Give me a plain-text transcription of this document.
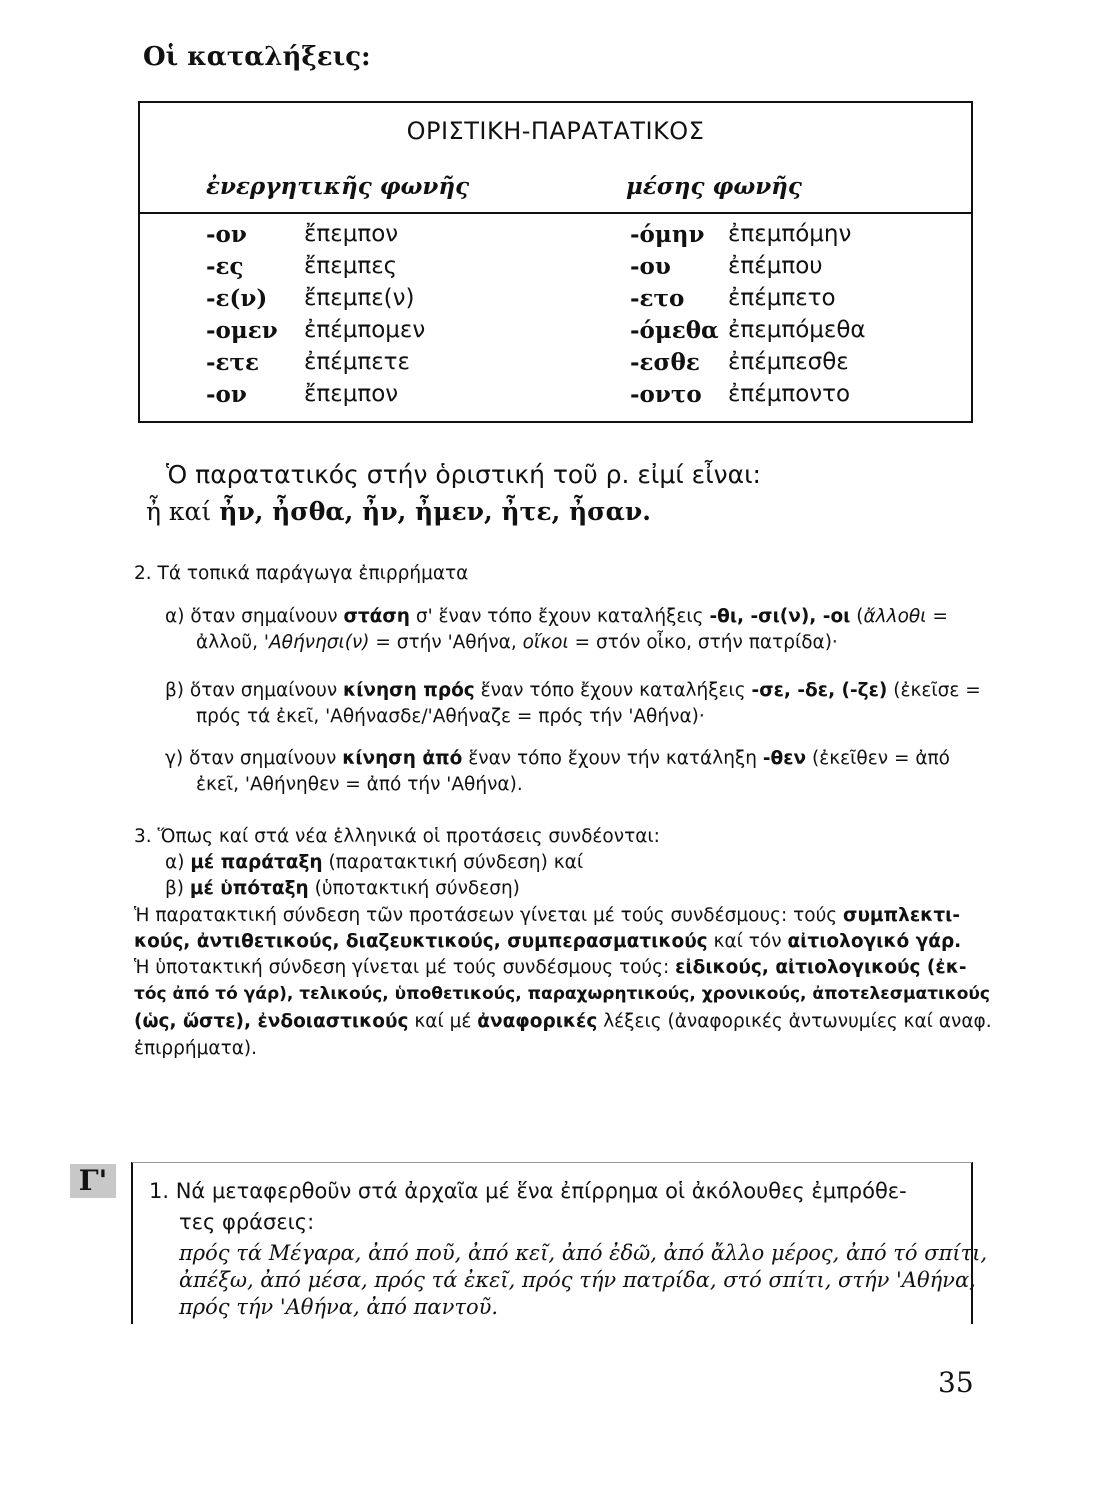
Οἱ καταλήξεις:
ΟΡΙΣΤΙΚΗ-ΠΑΡΑΤΑΤΙΚΟΣ
ἐνεργητικῆς φωνῆς	μέσης φωνῆς
-ον ἔπεμπον	-όμην ἐπεμπόμην
-ες	ἔπεμπες	-ου ἐπέμπου
-ε(ν) ἔπεμπε(ν)	-ετο ἐπέμπετο
-ομεν ἐπέμπομεν	-όμεθα ἐπεμπόμεθα
-ετε ἐπέμπετε	-εσθε ἐπέμπεσθε
-ον ἔπεμπον	-οντο ἐπέμποντο
Ὁ παρατατικός στήν ὁριστική τοῦ ρ. εἰμί εἶναι:
ἦ καί ἦν, ἦσθα, ἦν, ἦμεν, ἦτε, ἦσαν.
2. Τά τοπικά παράγωγα ἐπιρρήματα
α) ὅταν σημαίνουν στάση σ' ἕναν τόπο ἔχουν καταλήξεις -θι, -σι(ν), -οι (ἄλλοθι =
ἀλλοῦ, 'Αθήνησι(ν) = στήν 'Αθήνα, οἴκοι = στόν οἶκο, στήν πατρίδα)·
β) ὅταν σημαίνουν κίνηση πρός ἕναν τόπο ἔχουν καταλήξεις -σε, -δε, (-ζε) (ἐκεῖσε =
πρός τά ἐκεῖ, 'Αθήνασδε/'Αθήναζε = πρός τήν 'Αθήνα)·
γ) ὅταν σημαίνουν κίνηση ἀπό ἕναν τόπο ἔχουν τήν κατάληξη -θεν (ἐκεῖθεν = ἀπό
ἐκεῖ, 'Αθήνηθεν = ἀπό τήν 'Αθήνα).
3. Ὅπως καί στά νέα ἑλληνικά οἱ προτάσεις συνδέονται:
α) μέ παράταξη (παρατακτική σύνδεση) καί
β) μέ ὑπόταξη (ὑποτακτική σύνδεση)
Ἡ παρατακτική σύνδεση τῶν προτάσεων γίνεται μέ τούς συνδέσμους: τούς συμπλεκτι-
κούς, ἀντιθετικούς, διαζευκτικούς, συμπερασματικούς καί τόν αἰτιολογικό γάρ.
Ἡ ὑποτακτική σύνδεση γίνεται μέ τούς συνδέσμους τούς: εἰδικούς, αἰτιολογικούς (ἐκ-
τός ἀπό τό γάρ), τελικούς, ὑποθετικούς, παραχωρητικούς, χρονικούς, ἀποτελεσματικούς
(ὡς, ὥστε), ἐνδοιαστικούς καί μέ ἀναφορικές λέξεις (ἀναφορικές ἀντωνυμίες καί αναφ.
ἐπιρρήματα).
Γ'	1. Νά μεταφερθοῦν στά ἀρχαῖα μέ ἕνα ἐπίρρημα οἱ ἀκόλουθες ἐμπρόθε-
τες φράσεις:
πρός τά Μέγαρα, ἀπό ποῦ, ἀπό κεῖ, ἀπό ἐδῶ, ἀπό ἄλλο μέρος, ἀπό τό σπίτι,
ἀπέξω, ἀπό μέσα, πρός τά ἐκεῖ, πρός τήν πατρίδα, στό σπίτι, στήν 'Αθήνα,
πρός τήν 'Αθήνα, ἀπό παντοῦ.
35
